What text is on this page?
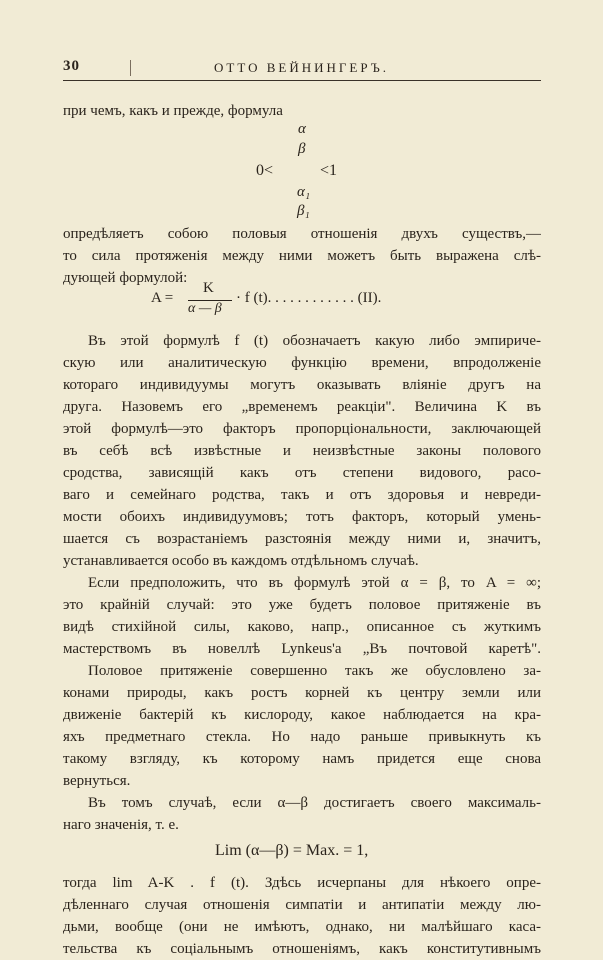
30	ОТТО ВЕЙНИНГЕРЪ.
при чемъ, какъ и прежде, формула
α
β
0<	<1
α₁
β₁
опредѣляетъ собою половыя отношенія двухъ существъ,—
то сила протяженія между ними можетъ быть выражена слѣ-
дующей формулой:
A =
K
α — β
· f (t). . . . . . . . . . . . (II).
Въ этой формулѣ f (t) обозначаетъ какую либо эмпиричe-
скую или аналитическую функцію времени, впродолженіе
котораго индивидуумы могутъ оказывать вліяніе другъ на
друга. Назовемъ его „временемъ реакціи". Величина K въ
этой формулѣ—это факторъ пропорціональности, заключающей
въ себѣ всѣ извѣстные и неизвѣстные законы полового
сродства, зависящій какъ отъ степени видового, расо-
ваго и семейнаго родства, такъ и отъ здоровья и невреди-
мости обоихъ индивидуумовъ; тотъ факторъ, который умень-
шается съ возрастаніемъ разстоянія между ними и, значитъ,
устанавливается особо въ каждомъ отдѣльномъ случаѣ.
Если предположить, что въ формулѣ этой α = β, то A = ∞;
это крайній случай: это уже будетъ половое притяженіе въ
видѣ стихійной силы, каково, напр., описанное съ жуткимъ
мастерствомъ въ новеллѣ Lynkeus'a „Въ почтовой каретѣ".
Половое притяженіе совершенно такъ же обусловлено за-
конами природы, какъ ростъ корней къ центру земли или
движеніе бактерій къ кислороду, какое наблюдается на кра-
яхъ предметнаго стекла. Но надо раньше привыкнуть къ
такому взгляду, къ которому намъ придется еще снова
вернуться.
Въ томъ случаѣ, если α—β достигаетъ своего максималь-
наго значенія, т. е.
Lim (α—β) = Max. = 1,
тогда lim A-K . f (t). Здѣсь исчерпаны для нѣкоего опре-
дѣленнаго случая отношенія симпатіи и антипатіи между лю-
дьми, вообще (они не имѣютъ, однако, ни малѣйшаго каса-
тельства къ соціальнымъ отношеніямъ, какъ конститутивнымъ
